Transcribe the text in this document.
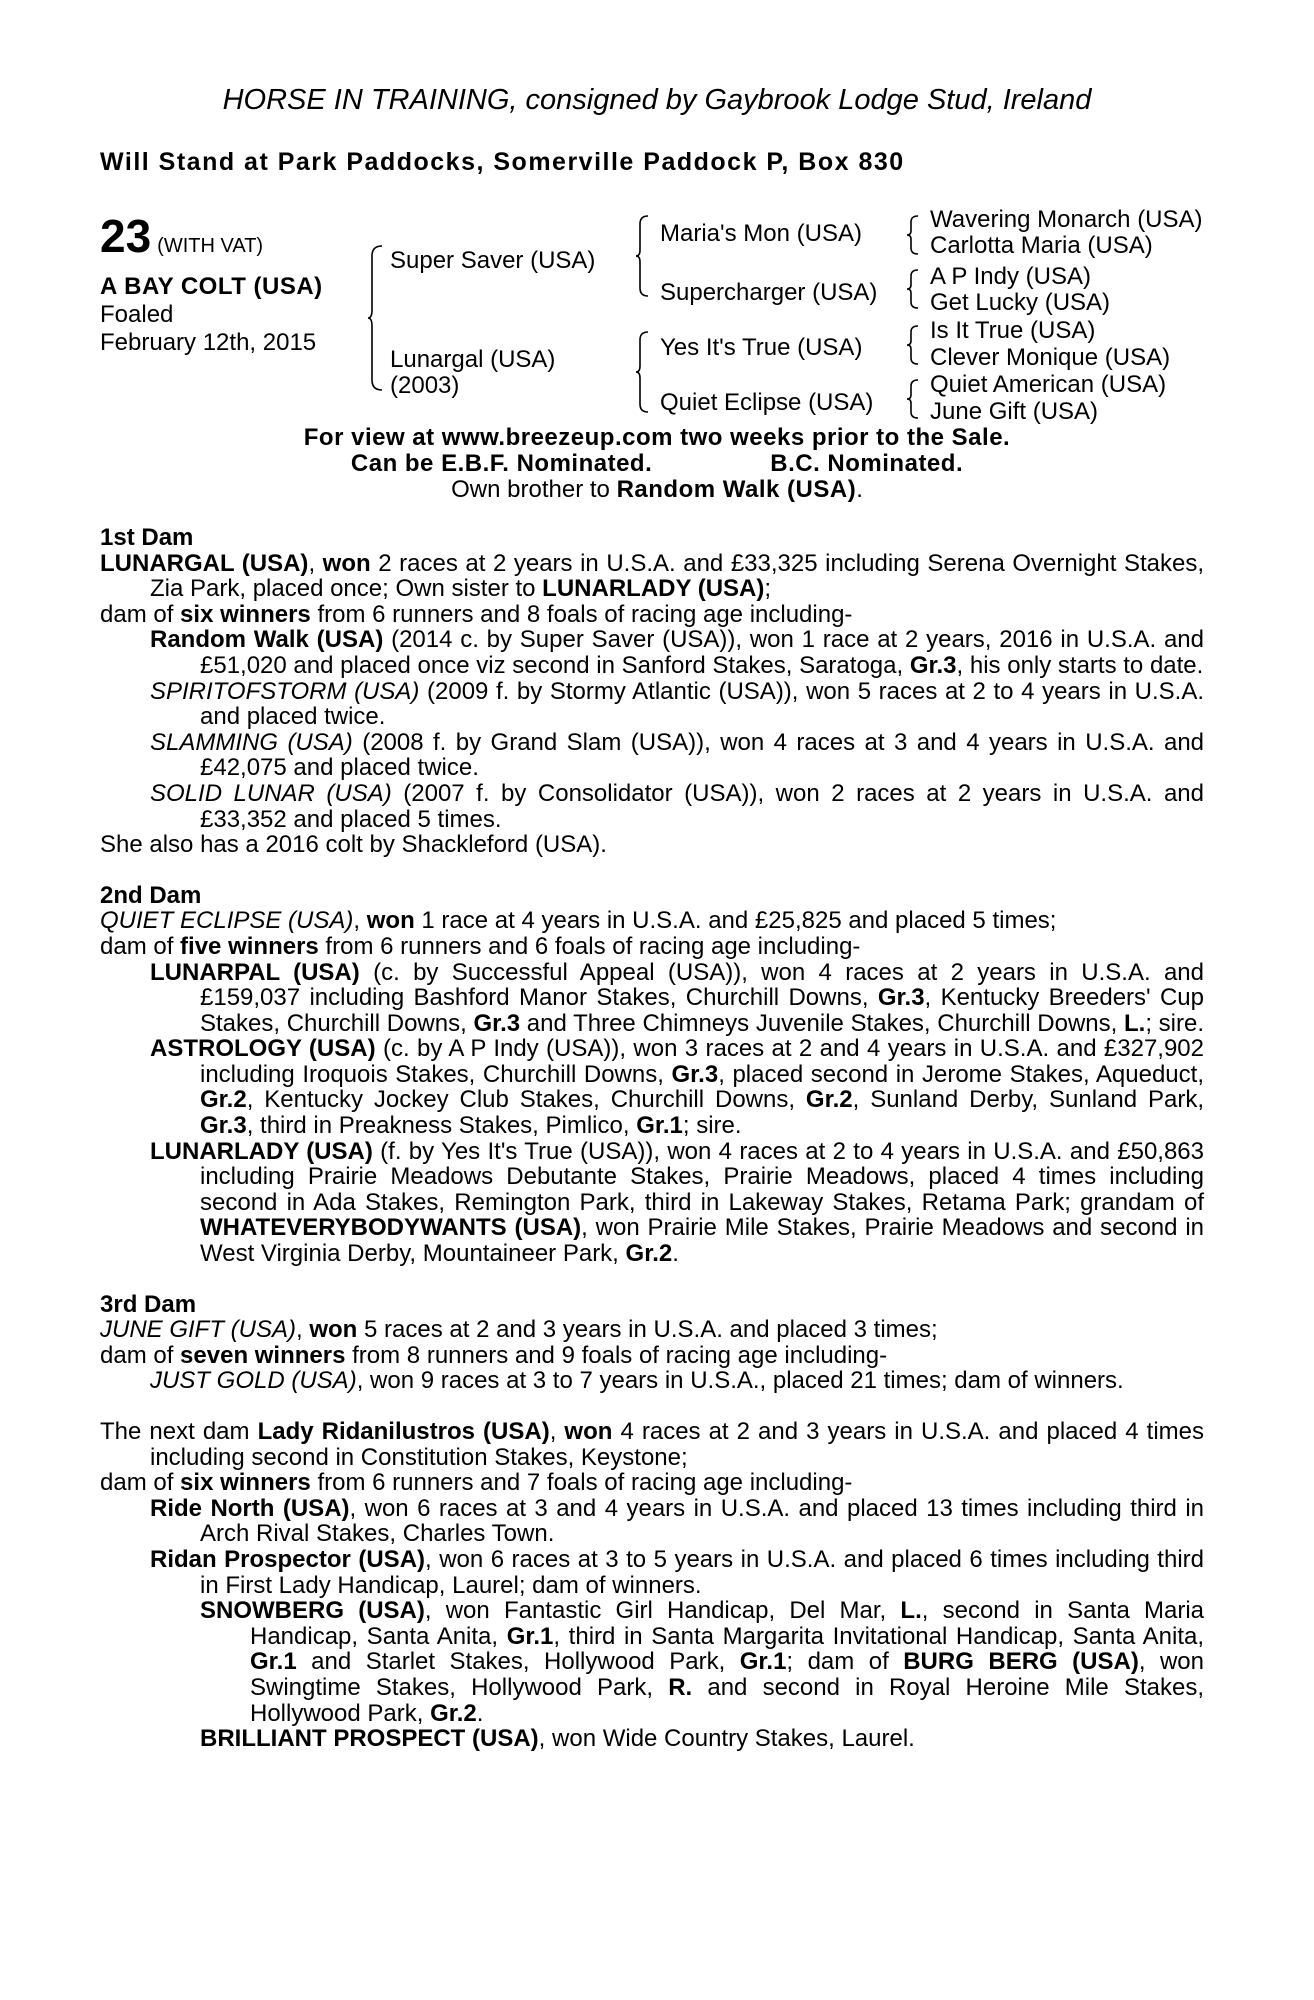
HORSE IN TRAINING, consigned by Gaybrook Lodge Stud, Ireland
Will Stand at Park Paddocks, Somerville Paddock P, Box 830
23 (WITH VAT)
A BAY COLT (USA)
Foaled
February 12th, 2015
Super Saver (USA)
Lunargal (USA)
(2003)
Maria's Mon (USA)
Supercharger (USA)
Yes It's True (USA)
Quiet Eclipse (USA)
Wavering Monarch (USA)
Carlotta Maria (USA)
A P Indy (USA)
Get Lucky (USA)
Is It True (USA)
Clever Monique (USA)
Quiet American (USA)
June Gift (USA)
For view at www.breezeup.com two weeks prior to the Sale.
Can be E.B.F. Nominated.	B.C. Nominated.
Own brother to Random Walk (USA).
1st Dam
LUNARGAL (USA), won 2 races at 2 years in U.S.A. and £33,325 including Serena Overnight Stakes, Zia Park, placed once; Own sister to LUNARLADY (USA);
dam of six winners from 6 runners and 8 foals of racing age including-
Random Walk (USA) (2014 c. by Super Saver (USA)), won 1 race at 2 years, 2016 in U.S.A. and £51,020 and placed once viz second in Sanford Stakes, Saratoga, Gr.3, his only starts to date.
SPIRITOFSTORM (USA) (2009 f. by Stormy Atlantic (USA)), won 5 races at 2 to 4 years in U.S.A. and placed twice.
SLAMMING (USA) (2008 f. by Grand Slam (USA)), won 4 races at 3 and 4 years in U.S.A. and £42,075 and placed twice.
SOLID LUNAR (USA) (2007 f. by Consolidator (USA)), won 2 races at 2 years in U.S.A. and £33,352 and placed 5 times.
She also has a 2016 colt by Shackleford (USA).
2nd Dam
QUIET ECLIPSE (USA), won 1 race at 4 years in U.S.A. and £25,825 and placed 5 times;
dam of five winners from 6 runners and 6 foals of racing age including-
LUNARPAL (USA) (c. by Successful Appeal (USA)), won 4 races at 2 years in U.S.A. and £159,037 including Bashford Manor Stakes, Churchill Downs, Gr.3, Kentucky Breeders' Cup Stakes, Churchill Downs, Gr.3 and Three Chimneys Juvenile Stakes, Churchill Downs, L.; sire.
ASTROLOGY (USA) (c. by A P Indy (USA)), won 3 races at 2 and 4 years in U.S.A. and £327,902 including Iroquois Stakes, Churchill Downs, Gr.3, placed second in Jerome Stakes, Aqueduct, Gr.2, Kentucky Jockey Club Stakes, Churchill Downs, Gr.2, Sunland Derby, Sunland Park, Gr.3, third in Preakness Stakes, Pimlico, Gr.1; sire.
LUNARLADY (USA) (f. by Yes It's True (USA)), won 4 races at 2 to 4 years in U.S.A. and £50,863 including Prairie Meadows Debutante Stakes, Prairie Meadows, placed 4 times including second in Ada Stakes, Remington Park, third in Lakeway Stakes, Retama Park; grandam of WHATEVERYBODYWANTS (USA), won Prairie Mile Stakes, Prairie Meadows and second in West Virginia Derby, Mountaineer Park, Gr.2.
3rd Dam
JUNE GIFT (USA), won 5 races at 2 and 3 years in U.S.A. and placed 3 times;
dam of seven winners from 8 runners and 9 foals of racing age including-
JUST GOLD (USA), won 9 races at 3 to 7 years in U.S.A., placed 21 times; dam of winners.
The next dam Lady Ridanilustros (USA), won 4 races at 2 and 3 years in U.S.A. and placed 4 times including second in Constitution Stakes, Keystone;
dam of six winners from 6 runners and 7 foals of racing age including-
Ride North (USA), won 6 races at 3 and 4 years in U.S.A. and placed 13 times including third in Arch Rival Stakes, Charles Town.
Ridan Prospector (USA), won 6 races at 3 to 5 years in U.S.A. and placed 6 times including third in First Lady Handicap, Laurel; dam of winners.
SNOWBERG (USA), won Fantastic Girl Handicap, Del Mar, L., second in Santa Maria Handicap, Santa Anita, Gr.1, third in Santa Margarita Invitational Handicap, Santa Anita, Gr.1 and Starlet Stakes, Hollywood Park, Gr.1; dam of BURG BERG (USA), won Swingtime Stakes, Hollywood Park, R. and second in Royal Heroine Mile Stakes, Hollywood Park, Gr.2.
BRILLIANT PROSPECT (USA), won Wide Country Stakes, Laurel.
